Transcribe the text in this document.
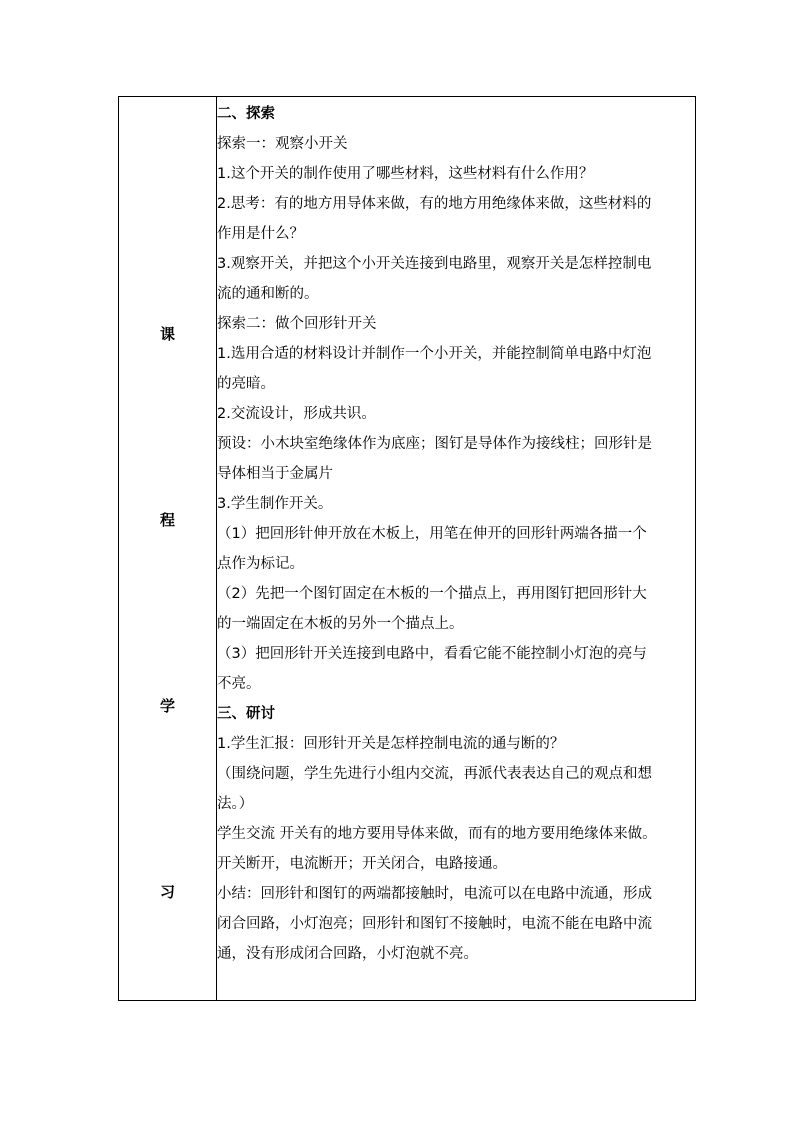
课
程
学
习
二、探索
探索一：观察小开关
1.这个开关的制作使用了哪些材料，这些材料有什么作用？
2.思考：有的地方用导体来做，有的地方用绝缘体来做，这些材料的
作用是什么？
3.观察开关，并把这个小开关连接到电路里，观察开关是怎样控制电
流的通和断的。
探索二：做个回形针开关
1.选用合适的材料设计并制作一个小开关，并能控制简单电路中灯泡
的亮暗。
2.交流设计，形成共识。
预设：小木块室绝缘体作为底座；图钉是导体作为接线柱；回形针是
导体相当于金属片
3.学生制作开关。
（1）把回形针伸开放在木板上，用笔在伸开的回形针两端各描一个
点作为标记。
（2）先把一个图钉固定在木板的一个描点上，再用图钉把回形针大
的一端固定在木板的另外一个描点上。
（3）把回形针开关连接到电路中，看看它能不能控制小灯泡的亮与
不亮。
三、研讨
1.学生汇报：回形针开关是怎样控制电流的通与断的？
（围绕问题，学生先进行小组内交流，再派代表表达自己的观点和想
法。）
学生交流 开关有的地方要用导体来做，而有的地方要用绝缘体来做。
开关断开，电流断开；开关闭合，电路接通。
小结：回形针和图钉的两端都接触时，电流可以在电路中流通，形成
闭合回路，小灯泡亮；回形针和图钉不接触时，电流不能在电路中流
通，没有形成闭合回路，小灯泡就不亮。
